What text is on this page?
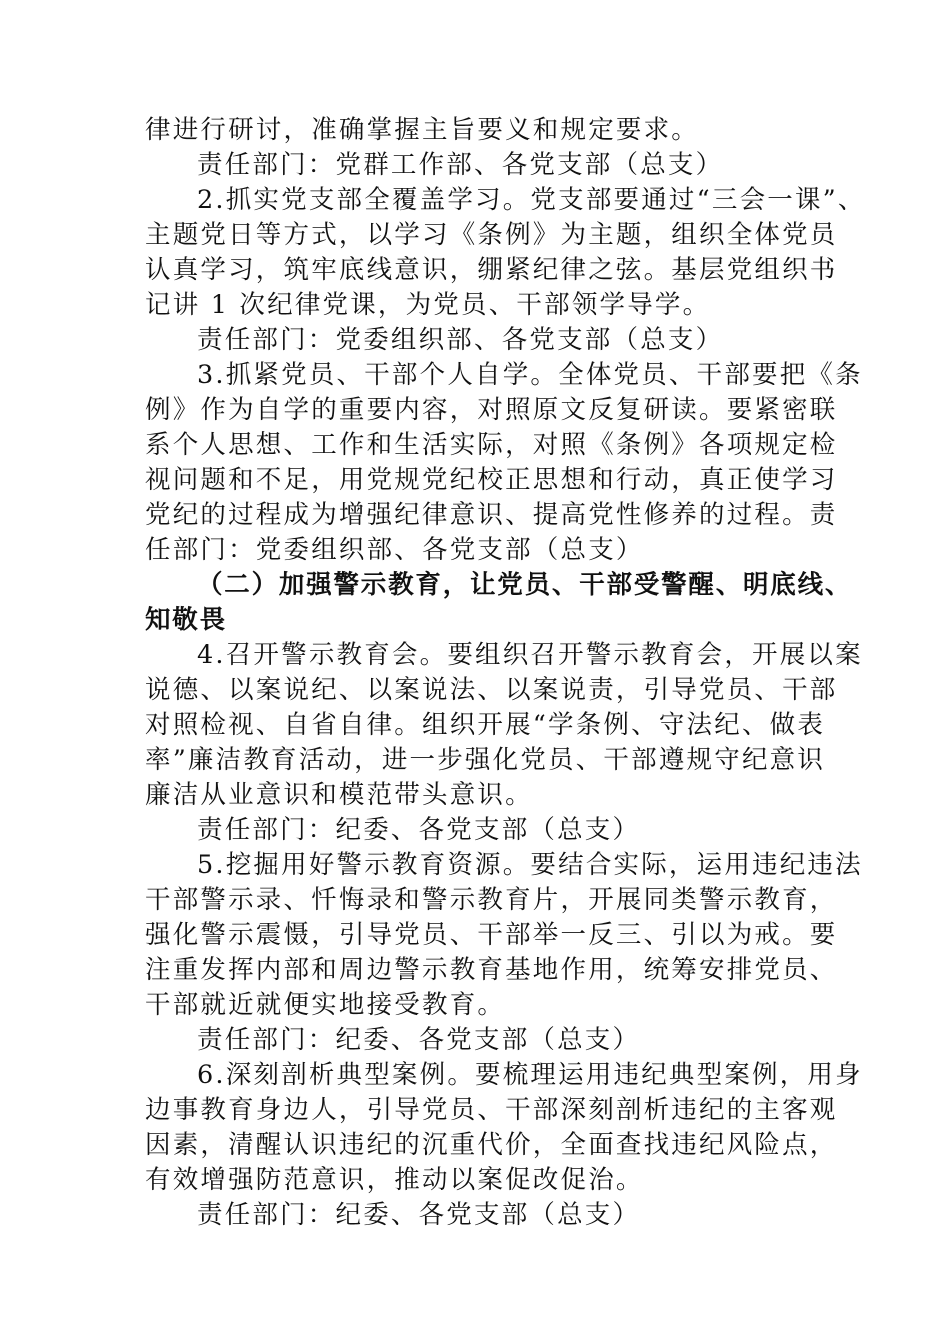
律进行研讨，准确掌握主旨要义和规定要求。
责任部门：党群工作部、各党支部（总支）
2.抓实党支部全覆盖学习。党支部要通过“三会一课”、
主题党日等方式，以学习《条例》为主题，组织全体党员
认真学习，筑牢底线意识，绷紧纪律之弦。基层党组织书
记讲 1 次纪律党课，为党员、干部领学导学。
责任部门：党委组织部、各党支部（总支）
3.抓紧党员、干部个人自学。全体党员、干部要把《条
例》作为自学的重要内容，对照原文反复研读。要紧密联
系个人思想、工作和生活实际，对照《条例》各项规定检
视问题和不足，用党规党纪校正思想和行动，真正使学习
党纪的过程成为增强纪律意识、提高党性修养的过程。责
任部门：党委组织部、各党支部（总支）
（二）加强警示教育，让党员、干部受警醒、明底线、
知敬畏
4.召开警示教育会。要组织召开警示教育会，开展以案
说德、以案说纪、以案说法、以案说责，引导党员、干部
对照检视、自省自律。组织开展“学条例、守法纪、做表
率”廉洁教育活动，进一步强化党员、干部遵规守纪意识
廉洁从业意识和模范带头意识。
责任部门：纪委、各党支部（总支）
5.挖掘用好警示教育资源。要结合实际，运用违纪违法
干部警示录、忏悔录和警示教育片，开展同类警示教育，
强化警示震慑，引导党员、干部举一反三、引以为戒。要
注重发挥内部和周边警示教育基地作用，统筹安排党员、
干部就近就便实地接受教育。
责任部门：纪委、各党支部（总支）
6.深刻剖析典型案例。要梳理运用违纪典型案例，用身
边事教育身边人，引导党员、干部深刻剖析违纪的主客观
因素，清醒认识违纪的沉重代价，全面查找违纪风险点，
有效增强防范意识，推动以案促改促治。
责任部门：纪委、各党支部（总支）
